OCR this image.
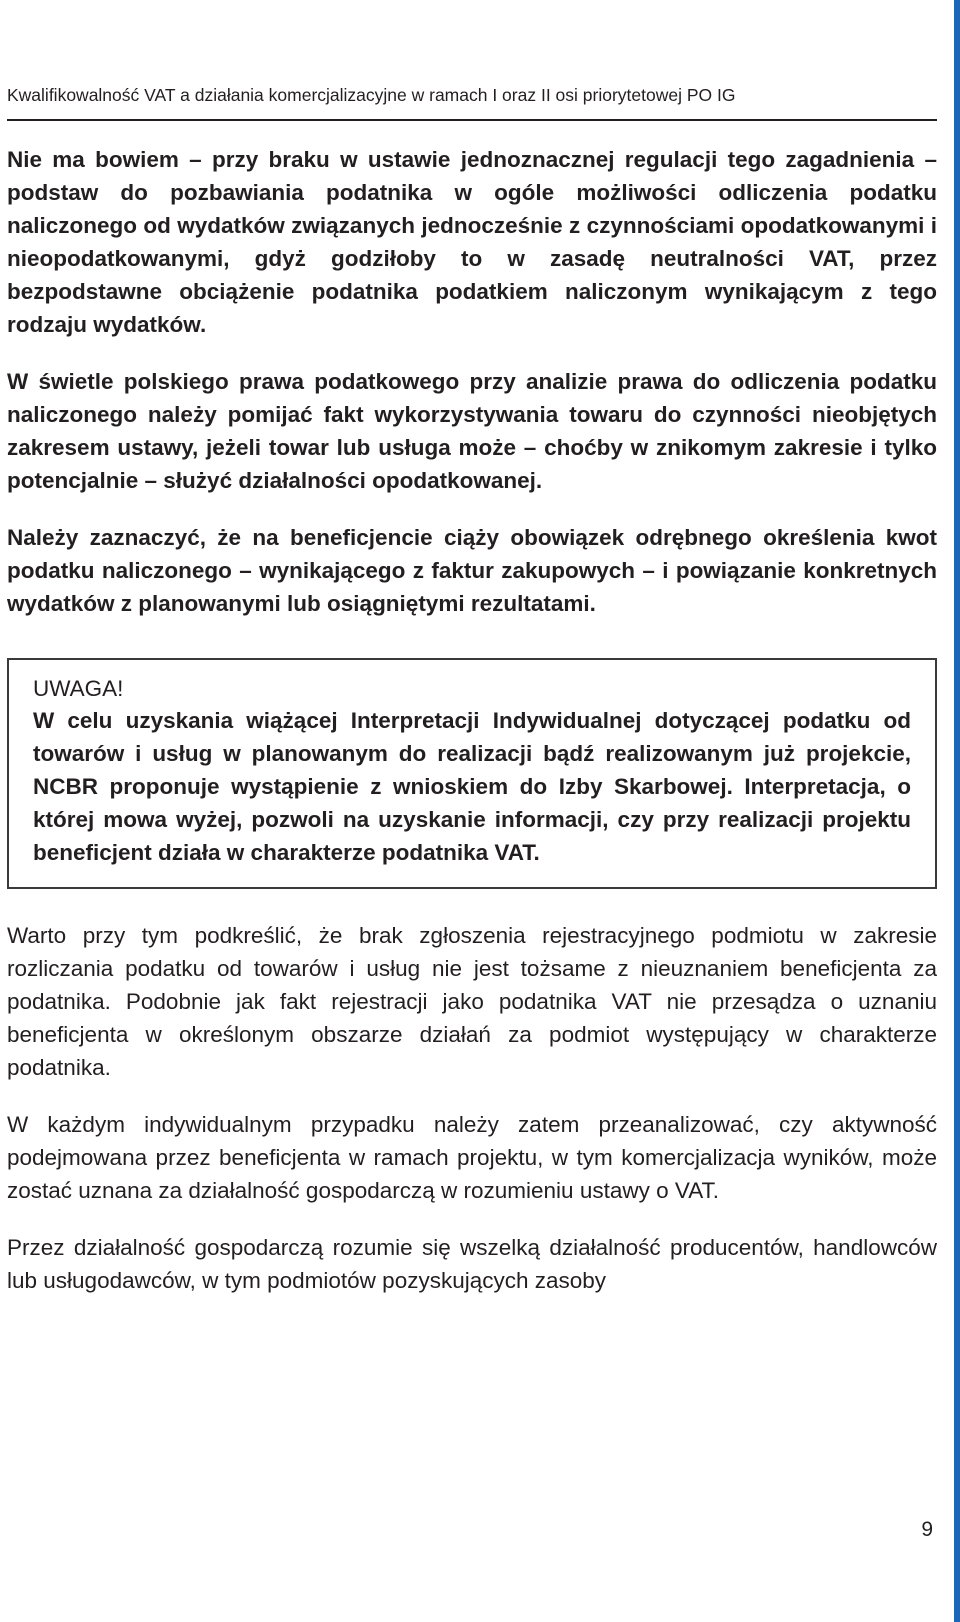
Kwalifikowalność VAT a działania komercjalizacyjne w ramach I oraz II osi priorytetowej PO IG

Nie ma bowiem – przy braku w ustawie jednoznacznej regulacji tego zagadnienia – podstaw do pozbawiania podatnika w ogóle możliwości odliczenia podatku naliczonego od wydatków związanych jednocześnie z czynnościami opodatkowanymi i nieopodatkowanymi, gdyż godziłoby to w zasadę neutralności VAT, przez bezpodstawne obciążenie podatnika podatkiem naliczonym wynikającym z tego rodzaju wydatków.

W świetle polskiego prawa podatkowego przy analizie prawa do odliczenia podatku naliczonego należy pomijać fakt wykorzystywania towaru do czynności nieobjętych zakresem ustawy, jeżeli towar lub usługa może – choćby w znikomym zakresie i tylko potencjalnie – służyć działalności opodatkowanej.

Należy zaznaczyć, że na beneficjencie ciąży obowiązek odrębnego określenia kwot podatku naliczonego – wynikającego z faktur zakupowych – i powiązanie konkretnych wydatków z planowanymi lub osiągniętymi rezultatami.

UWAGA!

W celu uzyskania wiążącej Interpretacji Indywidualnej dotyczącej podatku od towarów i usług w planowanym do realizacji bądź realizowanym już projekcie, NCBR proponuje wystąpienie z wnioskiem do Izby Skarbowej. Interpretacja, o której mowa wyżej, pozwoli na uzyskanie informacji, czy przy realizacji projektu beneficjent działa w charakterze podatnika VAT.

Warto przy tym podkreślić, że brak zgłoszenia rejestracyjnego podmiotu w zakresie rozliczania podatku od towarów i usług nie jest tożsame z nieuznaniem beneficjenta za podatnika. Podobnie jak fakt rejestracji jako podatnika VAT nie przesądza o uznaniu beneficjenta w określonym obszarze działań za podmiot występujący w charakterze podatnika.

W każdym indywidualnym przypadku należy zatem przeanalizować, czy aktywność podejmowana przez beneficjenta w ramach projektu, w tym komercjalizacja wyników, może zostać uznana za działalność gospodarczą w rozumieniu ustawy o VAT.

Przez działalność gospodarczą rozumie się wszelką działalność producentów, handlowców lub usługodawców, w tym podmiotów pozyskujących zasoby

9
